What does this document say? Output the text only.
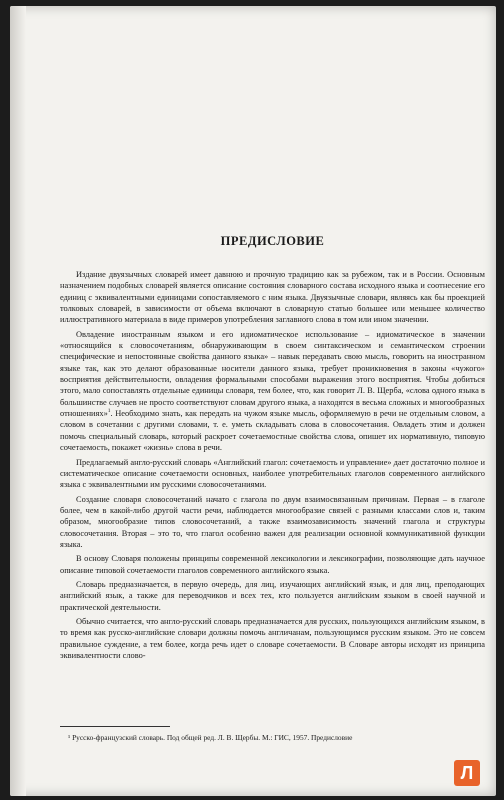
ПРЕДИСЛОВИЕ

Издание двуязычных словарей имеет давнюю и прочную традицию как за рубежом, так и в России. Основным назначением подобных словарей является описание состояния словарного состава исходного языка и соотнесение его единиц с эквивалентными единицами сопоставляемого с ним языка. Двуязычные словари, являясь как бы проекцией толковых словарей, в зависимости от объема включают в словарную статью большее или меньшее количество иллюстративного материала в виде примеров употребления заглавного слова в том или ином значении.

Овладение иностранным языком и его идиоматическое использование – идиоматическое в значении «относящийся к словосочетаниям, обнаруживающим в своем синтаксическом и семантическом строении специфические и непостоянные свойства данного языка» – навык передавать свою мысль, говорить на иностранном языке так, как это делают образованные носители данного языка, требует проникновения в законы «чужого» восприятия действительности, овладения формальными способами выражения этого восприятия. Чтобы добиться этого, мало сопоставлять отдельные единицы словаря, тем более, что, как говорит Л. В. Щерба, «слова одного языка в большинстве случаев не просто соответствуют словам другого языка, а находятся в весьма сложных и многообразных отношениях»$^1$. Необходимо знать, как передать на чужом языке мысль, оформляемую в речи не отдельным словом, а словом в сочетании с другими словами, т. е. уметь складывать слова в словосочетания. Овладеть этим и должен помочь специальный словарь, который раскроет сочетаемостные свойства слова, опишет их нормативную, типовую сочетаемость, покажет «жизнь» слова в речи.

Предлагаемый англо-русский словарь «Английский глагол: сочетаемость и управление» дает достаточно полное и систематическое описание сочетаемости основных, наиболее употребительных глаголов современного английского языка с эквивалентными им русскими словосочетаниями.

Создание словаря словосочетаний начато с глагола по двум взаимосвязанным причинам. Первая – в глаголе более, чем в какой-либо другой части речи, наблюдается многообразие связей с разными классами слов и, таким образом, многообразие типов словосочетаний, а также взаимозависимость значений глагола и структуры словосочетания. Вторая – это то, что глагол особенно важен для реализации основной коммуникативной функции языка.

В основу Словаря положены принципы современной лексикологии и лексикографии, позволяющие дать научное описание типовой сочетаемости глаголов современного английского языка.

Словарь предназначается, в первую очередь, для лиц, изучающих английский язык, и для лиц, преподающих английский язык, а также для переводчиков и всех тех, кто пользуется английским языком в своей научной и практической деятельности.

Обычно считается, что англо-русский словарь предназначается для русских, пользующихся английским языком, в то время как русско-английские словари должны помочь англичанам, пользующимся русским языком. Это не совсем правильное суждение, а тем более, когда речь идет о словаре сочетаемости. В Словаре авторы исходят из принципа эквивалентности слово-

¹ Русско-французский словарь. Под общей ред. Л. В. Щербы. М.: ГИС, 1957. Предисловие
Л
